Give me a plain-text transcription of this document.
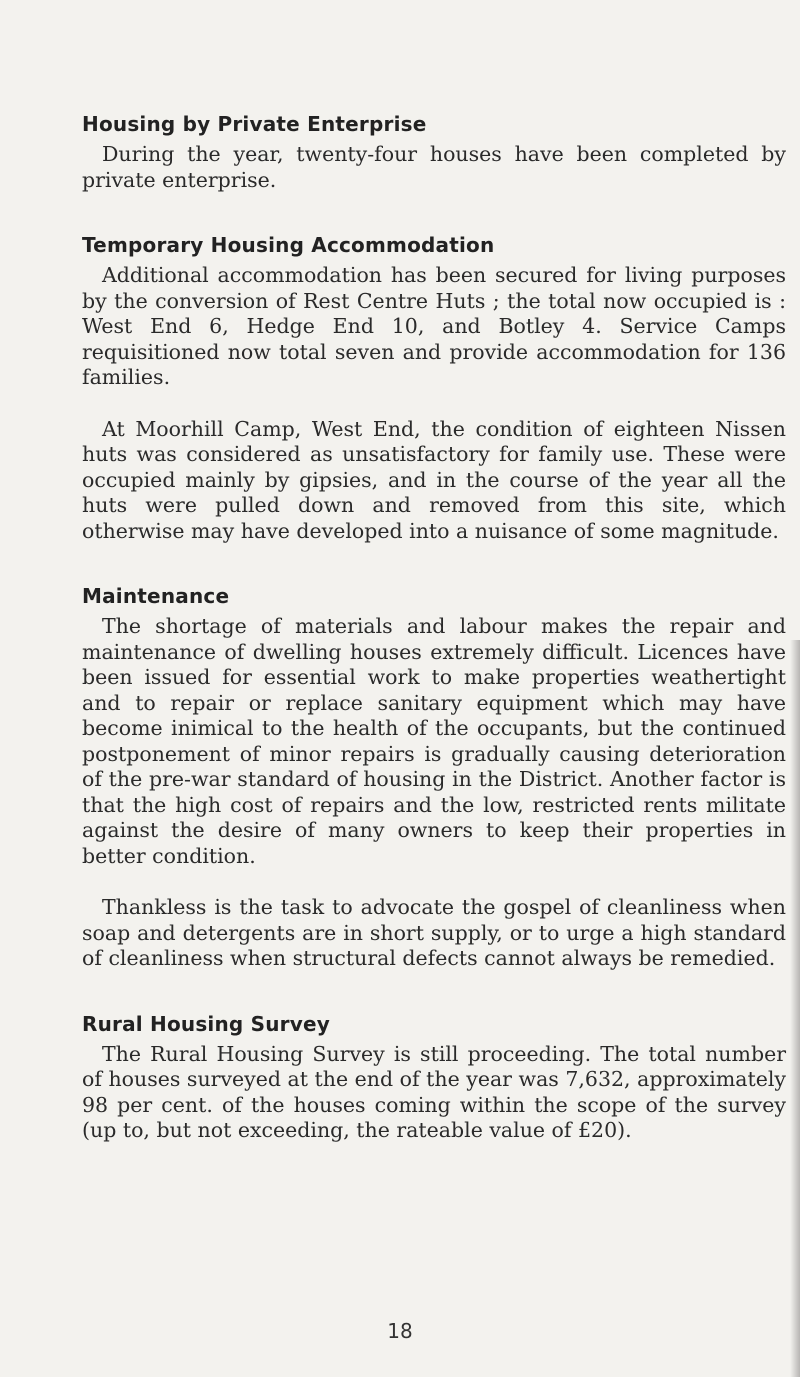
Housing by Private Enterprise

During the year, twenty-four houses have been completed by private enterprise.

Temporary Housing Accommodation

Additional accommodation has been secured for living purposes by the conversion of Rest Centre Huts ; the total now occupied is : West End 6, Hedge End 10, and Botley 4. Service Camps requisitioned now total seven and provide accommodation for 136 families.

At Moorhill Camp, West End, the condition of eighteen Nissen huts was considered as unsatisfactory for family use. These were occupied mainly by gipsies, and in the course of the year all the huts were pulled down and removed from this site, which otherwise may have developed into a nuisance of some magnitude.

Maintenance

The shortage of materials and labour makes the repair and maintenance of dwelling houses extremely difficult. Licences have been issued for essential work to make properties weathertight and to repair or replace sanitary equipment which may have become inimical to the health of the occupants, but the continued postponement of minor repairs is gradually causing deterioration of the pre-war standard of housing in the District. Another factor is that the high cost of repairs and the low, restricted rents militate against the desire of many owners to keep their properties in better condition.

Thankless is the task to advocate the gospel of cleanliness when soap and detergents are in short supply, or to urge a high standard of cleanliness when structural defects cannot always be remedied.

Rural Housing Survey

The Rural Housing Survey is still proceeding. The total number of houses surveyed at the end of the year was 7,632, approximately 98 per cent. of the houses coming within the scope of the survey (up to, but not exceeding, the rateable value of £20).

18
